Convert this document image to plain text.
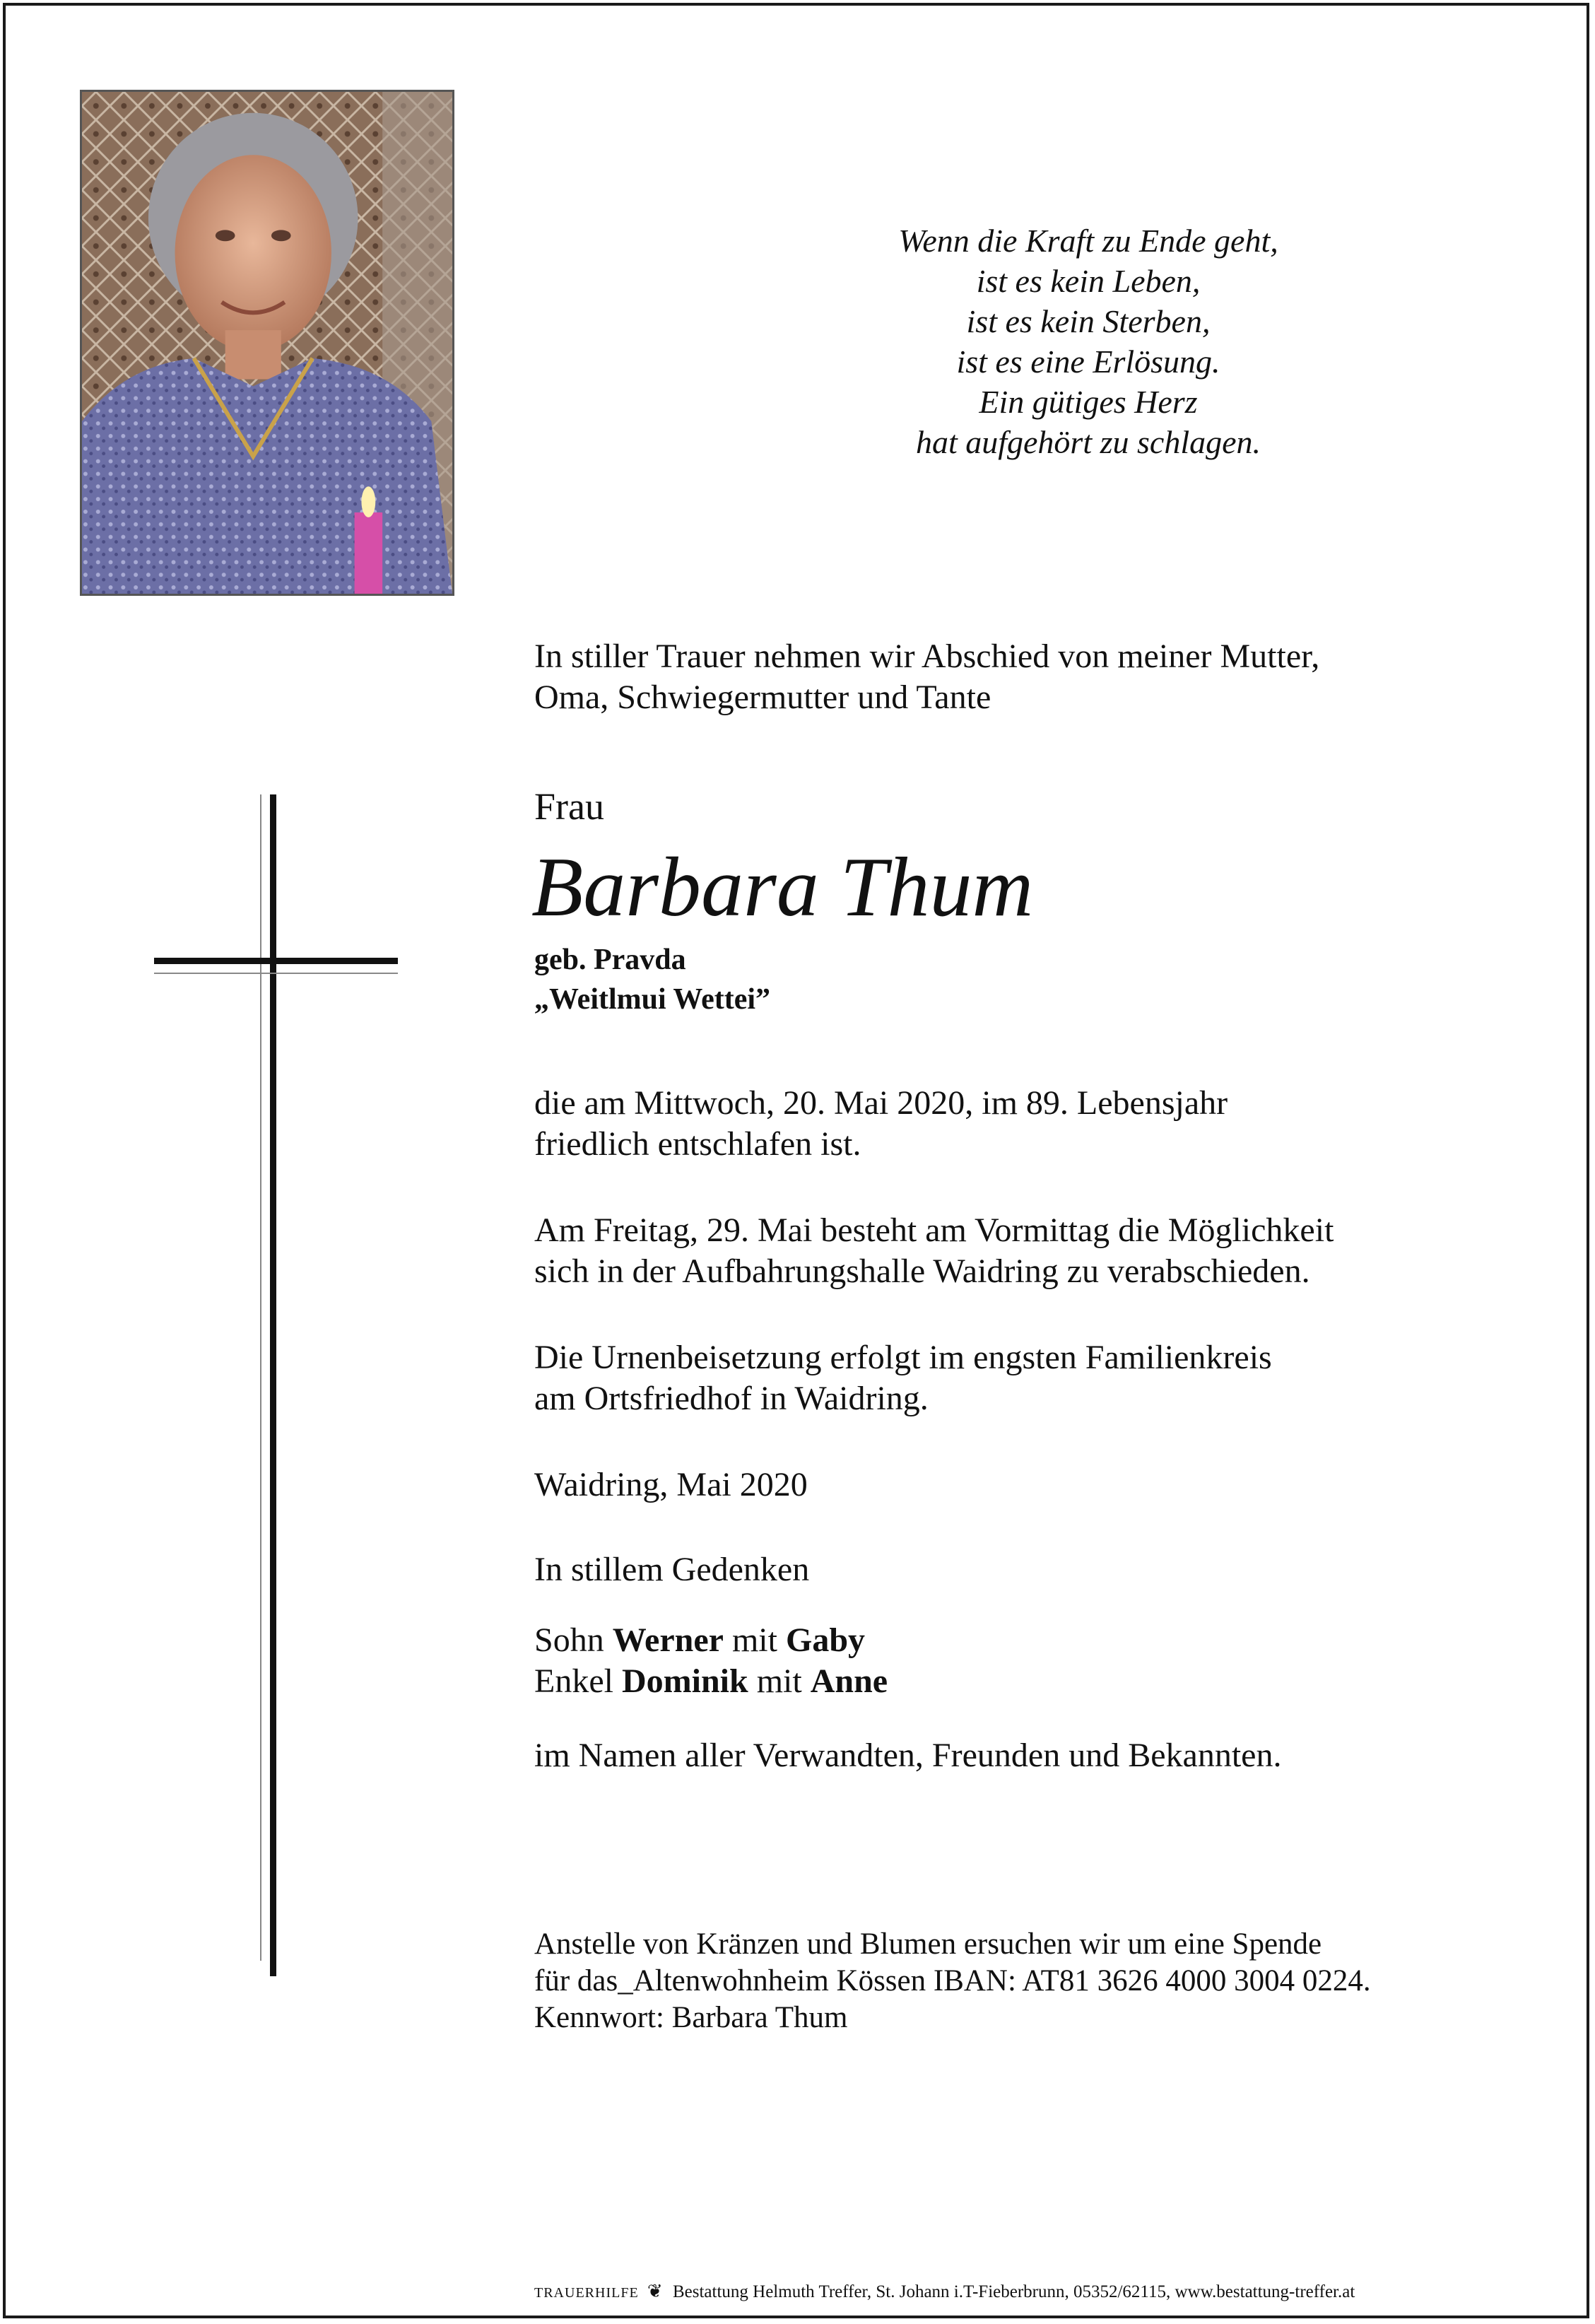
Wenn die Kraft zu Ende geht,
ist es kein Leben,
ist es kein Sterben,
ist es eine Erlösung.
Ein gütiges Herz
hat aufgehört zu schlagen.
In stiller Trauer nehmen wir Abschied von meiner Mutter,
Oma, Schwiegermutter und Tante
Frau
Barbara Thum
geb. Pravda
„Weitlmui Wettei”
die am Mittwoch, 20. Mai 2020, im 89. Lebensjahr
friedlich entschlafen ist.
Am Freitag, 29. Mai besteht am Vormittag die Möglichkeit
sich in der Aufbahrungshalle Waidring zu verabschieden.
Die Urnenbeisetzung erfolgt im engsten Familienkreis
am Ortsfriedhof in Waidring.
Waidring, Mai 2020
In stillem Gedenken
Sohn Werner mit Gaby
Enkel Dominik mit Anne
im Namen aller Verwandten, Freunden und Bekannten.
Anstelle von Kränzen und Blumen ersuchen wir um eine Spende
für das_Altenwohnheim Kössen IBAN: AT81 3626 4000 3004 0224.
Kennwort: Barbara Thum
TRAUERHILFE ❦ Bestattung Helmuth Treffer, St. Johann i.T-Fieberbrunn, 05352/62115, www.bestattung-treffer.at
